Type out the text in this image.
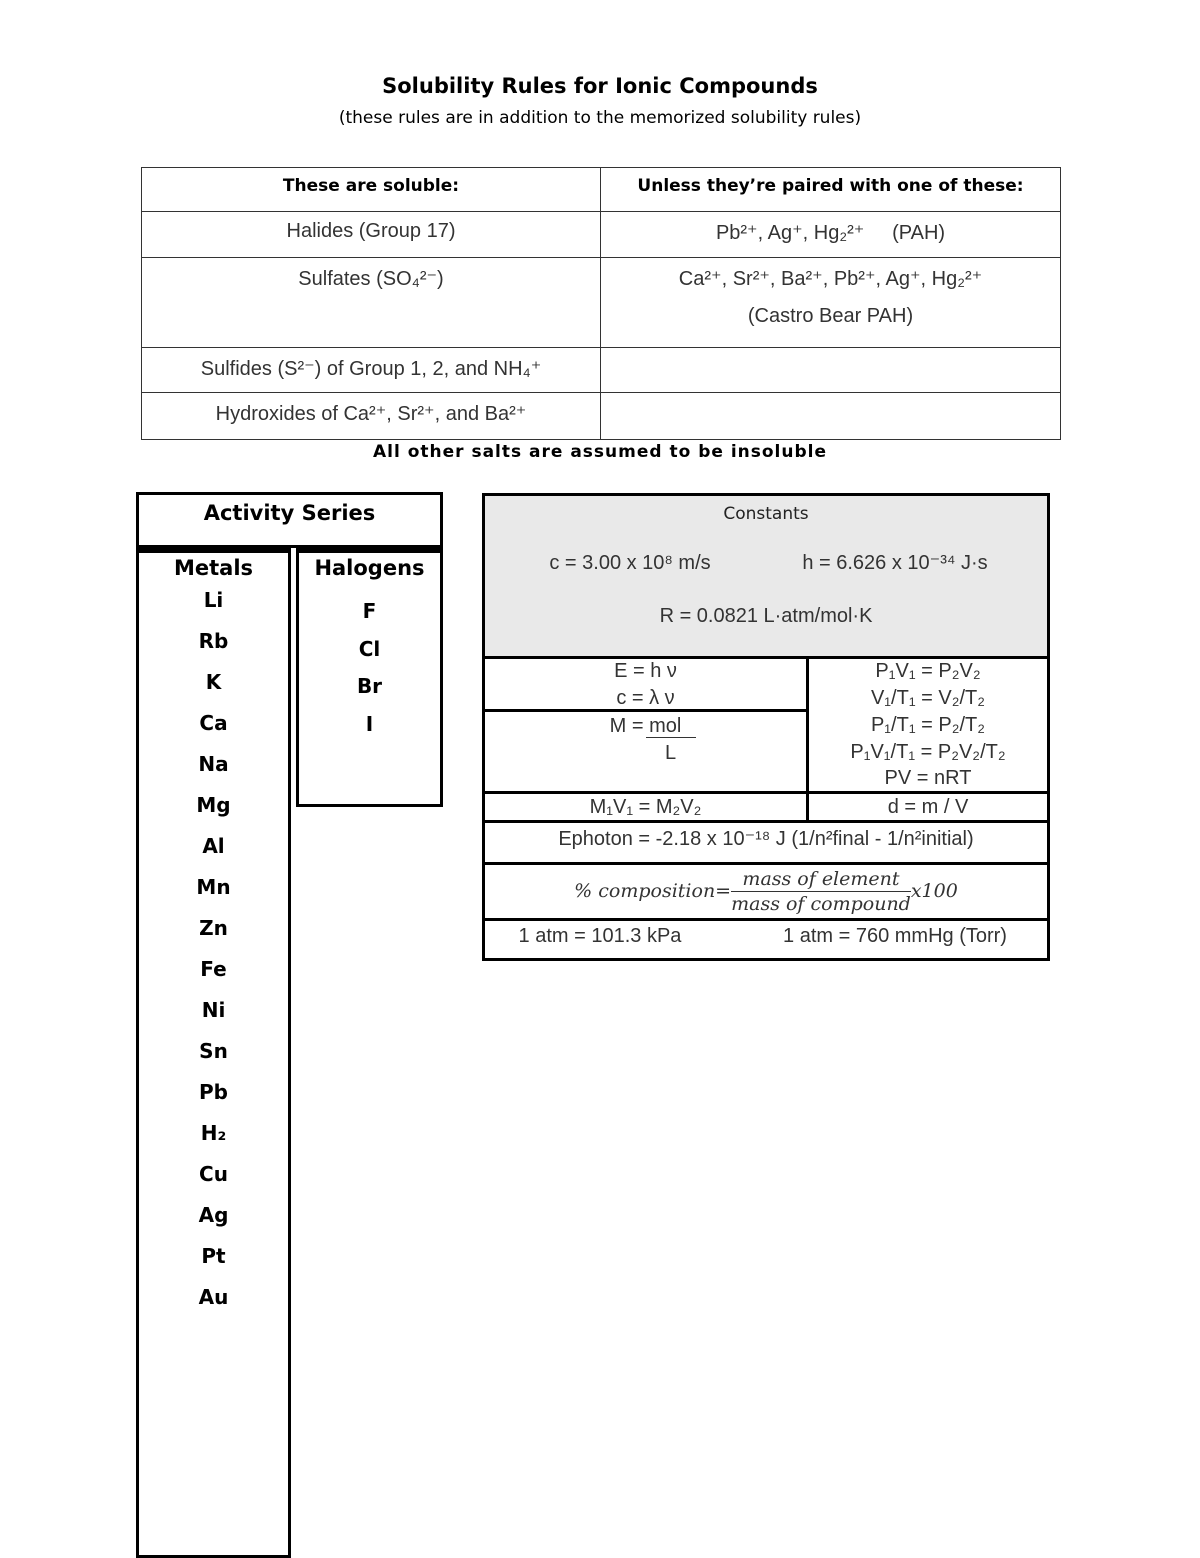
Solubility Rules for Ionic Compounds
(these rules are in addition to the memorized solubility rules)
These are soluble:	Unless they’re paired with one of these:
Halides (Group 17)	Pb²⁺, Ag⁺, Hg₂²⁺     (PAH)
Sulfates (SO₄²⁻)	Ca²⁺, Sr²⁺, Ba²⁺, Pb²⁺, Ag⁺, Hg₂²⁺
(Castro Bear PAH)

Sulfides (S²⁻) of Group 1, 2, and NH₄⁺	
Hydroxides of Ca²⁺, Sr²⁺, and Ba²⁺	
All other salts are assumed to be insoluble
Activity Series
Metals
Li
Rb
K
Ca
Na
Mg
Al
Mn
Zn
Fe
Ni
Sn
Pb
H₂
Cu
Ag
Pt
Au
Halogens
F
Cl
Br
I
Constants
c = 3.00 x 10⁸ m/s	h = 6.626 x 10⁻³⁴ J·s
R = 0.0821 L·atm/mol·K
E = h ν
c = λ ν
M = mol
L
P₁V₁ = P₂V₂
V₁/T₁ = V₂/T₂
P₁/T₁ = P₂/T₂
P₁V₁/T₁ = P₂V₂/T₂
PV = nRT
M₁V₁ = M₂V₂	d = m / V
Ephoton = -2.18 x 10⁻¹⁸ J (1/n²final - 1/n²initial)
% composition= $\frac{\text{mass of element}}{\text{mass of compound}} x100$
1 atm = 101.3 kPa	1 atm = 760 mmHg (Torr)
